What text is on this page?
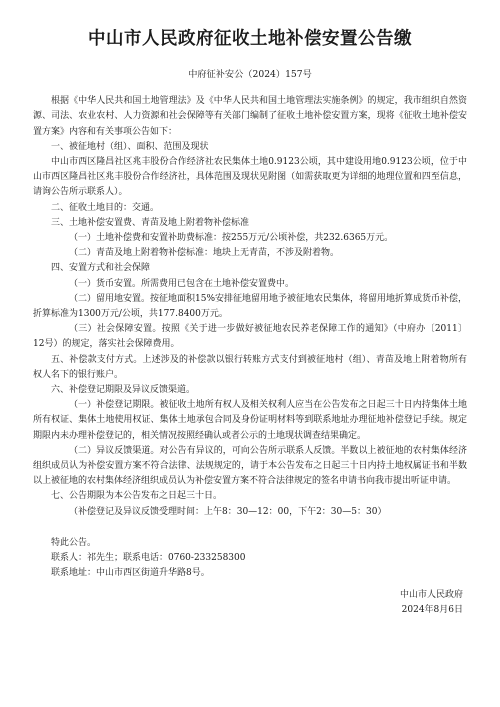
中山市人民政府征收土地补偿安置公告缴
中府征补安公（2024）157号

根据《中华人民共和国土地管理法》及《中华人民共和国土地管理法实施条例》的规定，我市组织自然资源、司法、农业农村、人力资源和社会保障等有关部门编制了征收土地补偿安置方案，现将《征收土地补偿安置方案》内容和有关事项公告如下：

一、被征地村（组）、面积、范围及现状

中山市西区隆昌社区兆丰股份合作经济社农民集体土地0.9123公顷，其中建设用地0.9123公顷，位于中山市西区隆昌社区兆丰股份合作经济社，具体范围及现状见附图（如需获取更为详细的地理位置和四至信息，请询公告所示联系人）。

二、征收土地目的：交通。

三、土地补偿安置费、青苗及地上附着物补偿标准

（一）土地补偿费和安置补助费标准：按255万元/公顷补偿，共232.6365万元。

（二）青苗及地上附着物补偿标准：地块上无青苗，不涉及附着物。

四、安置方式和社会保障

（一）货币安置。所需费用已包含在土地补偿安置费中。

（二）留用地安置。按征地面积15%安排征地留用地予被征地农民集体，将留用地折算成货币补偿，折算标准为1300万元/公顷，共177.8400万元。

（三）社会保障安置。按照《关于进一步做好被征地农民养老保障工作的通知》（中府办〔2011〕12号）的规定，落实社会保障费用。

五、补偿款支付方式。上述涉及的补偿款以银行转账方式支付到被征地村（组）、青苗及地上附着物所有权人名下的银行账户。

六、补偿登记期限及异议反馈渠道。

（一）补偿登记期限。被征收土地所有权人及相关权利人应当在公告发布之日起三十日内持集体土地所有权证、集体土地使用权证、集体土地承包合同及身份证明材料等到联系地址办理征地补偿登记手续。规定期限内未办理补偿登记的，相关情况按照经确认或者公示的土地现状调查结果确定。

（二）异议反馈渠道。对公告有异议的，可向公告所示联系人反馈。半数以上被征地的农村集体经济组织成员认为补偿安置方案不符合法律、法规规定的，请于本公告发布之日起三十日内持土地权属证书和半数以上被征地的农村集体经济组织成员认为补偿安置方案不符合法律规定的签名申请书向我市提出听证申请。

七、公告期限为本公告发布之日起三十日。

（补偿登记及异议反馈受理时间：上午8：30—12：00，下午2：30—5：30）

特此公告。

联系人：祁先生；联系电话：0760-233258300

联系地址：中山市西区街道升华路8号。

中山市人民政府

2024年8月6日
